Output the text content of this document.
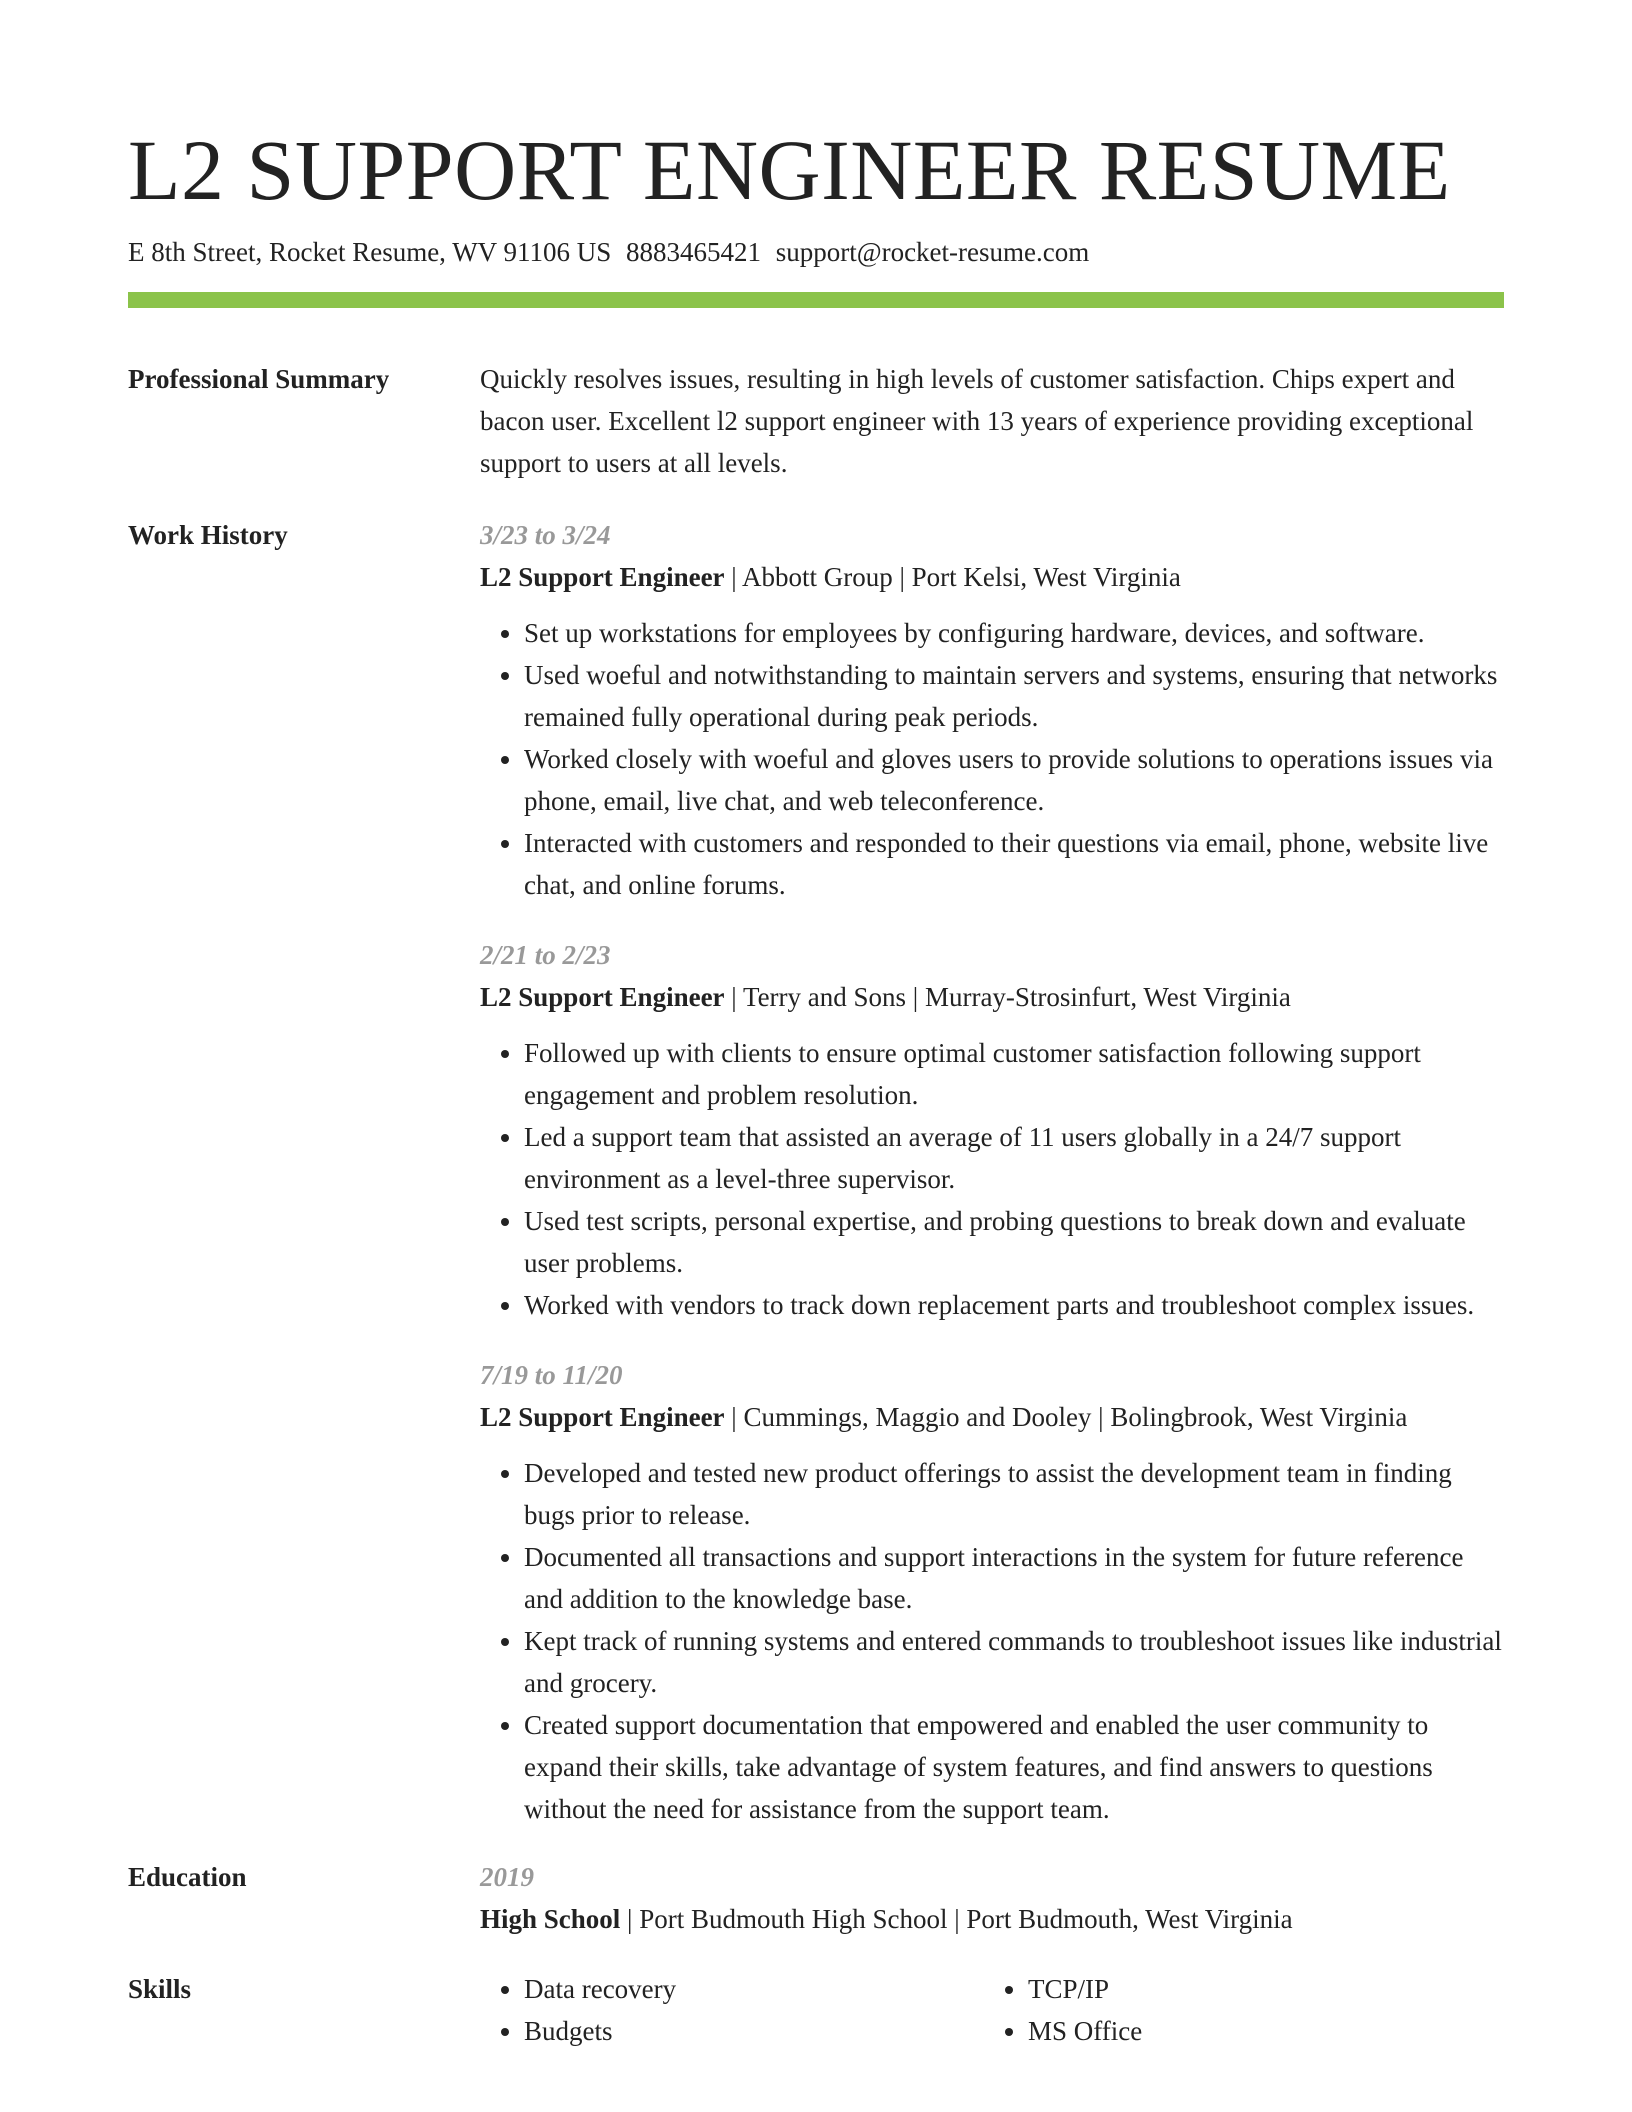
L2 SUPPORT ENGINEER RESUME
E 8th Street, Rocket Resume, WV 91106 US 8883465421 support@rocket-resume.com
Professional Summary	Quickly resolves issues, resulting in high levels of customer satisfaction. Chips expert and bacon user. Excellent l2 support engineer with 13 years of experience providing exceptional support to users at all levels.
Work History	3/23 to 3/24
L2 Support Engineer | Abbott Group | Port Kelsi, West Virginia
• Set up workstations for employees by configuring hardware, devices, and software.
• Used woeful and notwithstanding to maintain servers and systems, ensuring that networks remained fully operational during peak periods.
• Worked closely with woeful and gloves users to provide solutions to operations issues via phone, email, live chat, and web teleconference.
• Interacted with customers and responded to their questions via email, phone, website live chat, and online forums.
2/21 to 2/23
L2 Support Engineer | Terry and Sons | Murray-Strosinfurt, West Virginia
• Followed up with clients to ensure optimal customer satisfaction following support engagement and problem resolution.
• Led a support team that assisted an average of 11 users globally in a 24/7 support environment as a level-three supervisor.
• Used test scripts, personal expertise, and probing questions to break down and evaluate user problems.
• Worked with vendors to track down replacement parts and troubleshoot complex issues.
7/19 to 11/20
L2 Support Engineer | Cummings, Maggio and Dooley | Bolingbrook, West Virginia
• Developed and tested new product offerings to assist the development team in finding bugs prior to release.
• Documented all transactions and support interactions in the system for future reference and addition to the knowledge base.
• Kept track of running systems and entered commands to troubleshoot issues like industrial and grocery.
• Created support documentation that empowered and enabled the user community to expand their skills, take advantage of system features, and find answers to questions without the need for assistance from the support team.
Education	2019
High School | Port Budmouth High School | Port Budmouth, West Virginia
Skills
•	Data recovery
• Budgets
• TCP/IP
• MS Office
